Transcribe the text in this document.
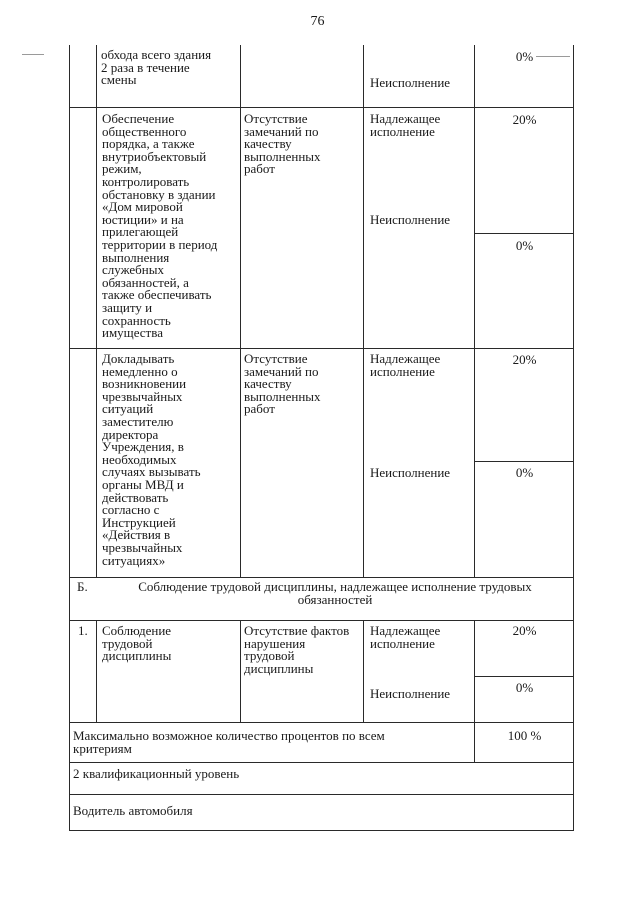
76
обхода всего здания
2 раза в течение
смены	Неисполнение
0%
Обеспечение
общественного
порядка, а также
внутриобъектовый
режим,
контролировать
обстановку в здании
«Дом мировой
юстиции» и на
прилегающей
территории в период
выполнения
служебных
обязанностей, а
также обеспечивать
защиту и
сохранность
имущества
Отсутствие
замечаний по
качеству
выполненных
работ
Надлежащее
исполнение
Неисполнение
20%
0%
Докладывать
немедленно о
возникновении
чрезвычайных
ситуаций
заместителю
директора
Учреждения, в
необходимых
случаях вызывать
органы МВД и
действовать
согласно с
Инструкцией
«Действия в
чрезвычайных
ситуациях»
Отсутствие
замечаний по
качеству
выполненных
работ
Надлежащее
исполнение
Неисполнение
20%
0%
Б.	Соблюдение трудовой дисциплины, надлежащее исполнение трудовых
обязанностей
1. Соблюдение
трудовой
дисциплины
Отсутствие фактов
нарушения
трудовой
дисциплины
Надлежащее
исполнение
Неисполнение
20%
0%
Максимально возможное количество процентов по всем
критериям
100 %
2 квалификационный уровень
Водитель автомобиля
